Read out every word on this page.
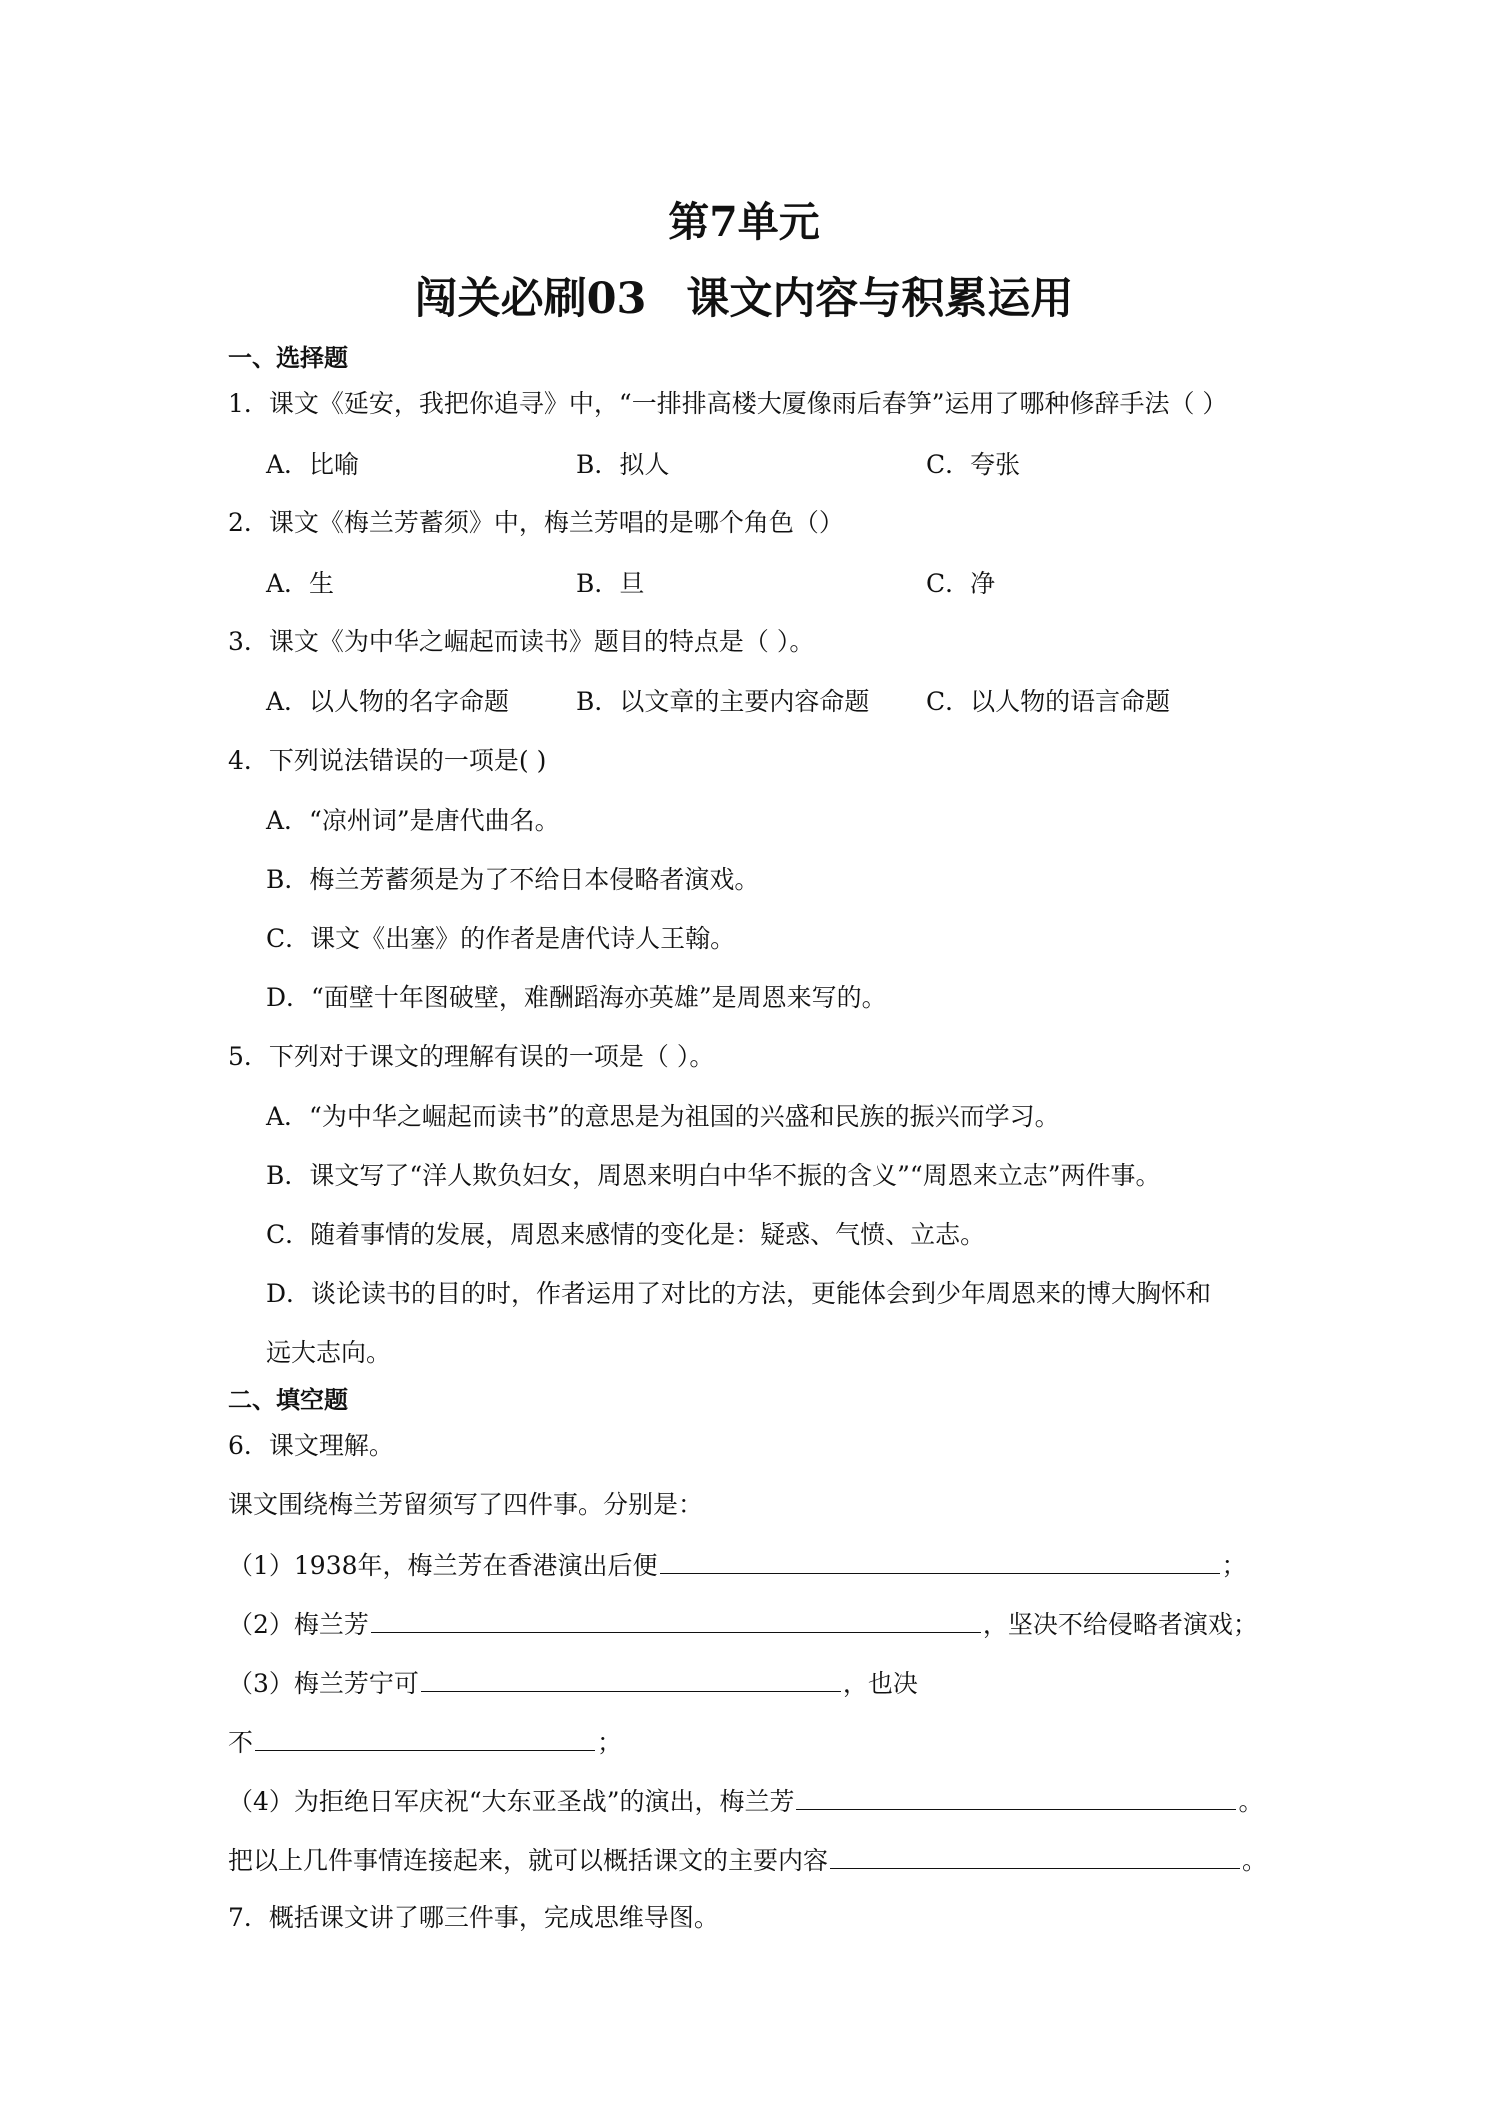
第7单元
闯关必刷03 课文内容与积累运用
一、选择题
1．课文《延安，我把你追寻》中，“一排排高楼大厦像雨后春笋”运用了哪种修辞手法（ ）
A．比喻	B．拟人	C．夸张
2．课文《梅兰芳蓄须》中，梅兰芳唱的是哪个角色（）
A．生	B．旦	C．净
3．课文《为中华之崛起而读书》题目的特点是（ ）。
A．以人物的名字命题	B．以文章的主要内容命题 C．以人物的语言命题
4．下列说法错误的一项是( )
A．“凉州词”是唐代曲名。
B．梅兰芳蓄须是为了不给日本侵略者演戏。
C．课文《出塞》的作者是唐代诗人王翰。
D．“面壁十年图破壁，难酬蹈海亦英雄”是周恩来写的。
5．下列对于课文的理解有误的一项是（ ）。
A．“为中华之崛起而读书”的意思是为祖国的兴盛和民族的振兴而学习。
B．课文写了“洋人欺负妇女，周恩来明白中华不振的含义”“周恩来立志”两件事。
C．随着事情的发展，周恩来感情的变化是：疑惑、气愤、立志。
D．谈论读书的目的时，作者运用了对比的方法，更能体会到少年周恩来的博大胸怀和
远大志向。
二、填空题
6．课文理解。
课文围绕梅兰芳留须写了四件事。分别是：
（1）1938年，梅兰芳在香港演出后便	；
（2）梅兰芳	，坚决不给侵略者演戏；
（3）梅兰芳宁可	，也决
不	；
（4）为拒绝日军庆祝“大东亚圣战”的演出，梅兰芳	。
把以上几件事情连接起来，就可以概括课文的主要内容	。
7．概括课文讲了哪三件事，完成思维导图。
